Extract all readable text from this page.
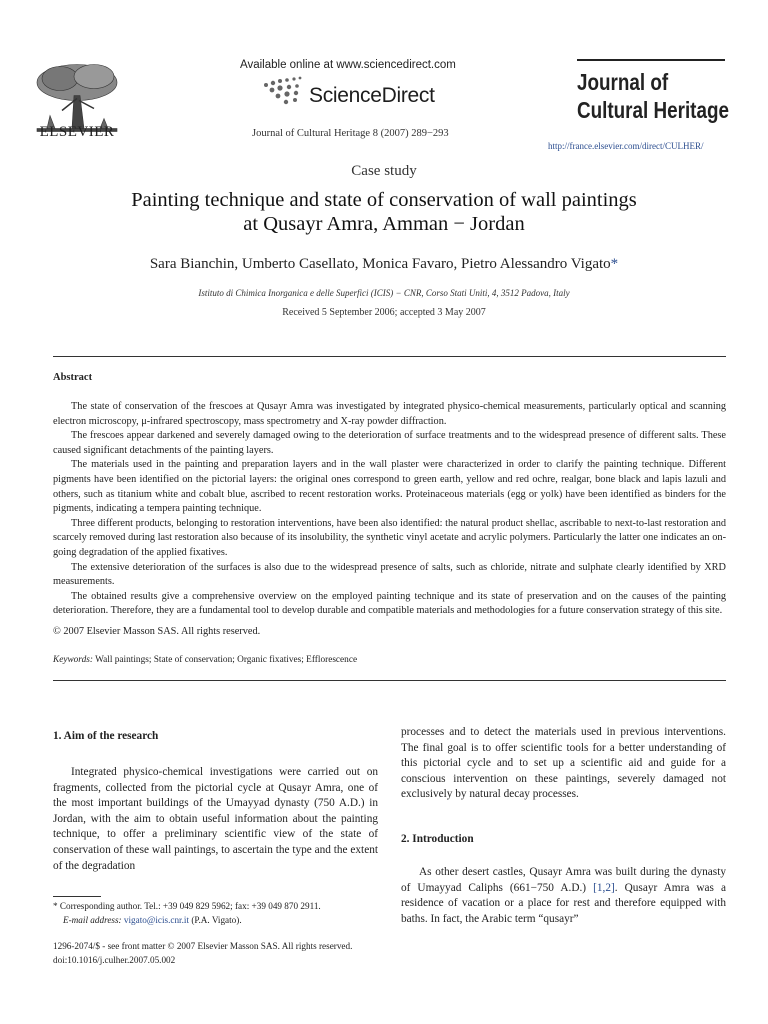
ELSEVIER
Available online at www.sciencedirect.com
ScienceDirect
Journal of Cultural Heritage 8 (2007) 289−293
Journal of
Cultural Heritage
http://france.elsevier.com/direct/CULHER/
Case study
Painting technique and state of conservation of wall paintings
at Qusayr Amra, Amman − Jordan
Sara Bianchin, Umberto Casellato, Monica Favaro, Pietro Alessandro Vigato*
Istituto di Chimica Inorganica e delle Superfici (ICIS) − CNR, Corso Stati Uniti, 4, 3512 Padova, Italy
Received 5 September 2006; accepted 3 May 2007
Abstract

The state of conservation of the frescoes at Qusayr Amra was investigated by integrated physico-chemical measurements, particularly optical and scanning electron microscopy, μ-infrared spectroscopy, mass spectrometry and X-ray powder diffraction.

The frescoes appear darkened and severely damaged owing to the deterioration of surface treatments and to the widespread presence of different salts. These caused significant detachments of the painting layers.

The materials used in the painting and preparation layers and in the wall plaster were characterized in order to clarify the painting technique. Different pigments have been identified on the pictorial layers: the original ones correspond to green earth, yellow and red ochre, realgar, bone black and lapis lazuli and others, such as titanium white and cobalt blue, ascribed to recent restoration works. Proteinaceous materials (egg or yolk) have been identified as binders for the pigments, indicating a tempera painting technique.

Three different products, belonging to restoration interventions, have been also identified: the natural product shellac, ascribable to next-to-last restoration and scarcely removed during last restoration also because of its insolubility, the synthetic vinyl acetate and acrylic polymers. Particularly the latter one indicates an on-going degradation of the applied fixatives.

The extensive deterioration of the surfaces is also due to the widespread presence of salts, such as chloride, nitrate and sulphate clearly identified by XRD measurements.

The obtained results give a comprehensive overview on the employed painting technique and its state of preservation and on the causes of the painting deterioration. Therefore, they are a fundamental tool to develop durable and compatible materials and methodologies for a future conservation strategy of this site.

© 2007 Elsevier Masson SAS. All rights reserved.
Keywords: Wall paintings; State of conservation; Organic fixatives; Efflorescence
1. Aim of the research

Integrated physico-chemical investigations were carried out on fragments, collected from the pictorial cycle at Qusayr Amra, one of the most important buildings of the Umayyad dynasty (750 A.D.) in Jordan, with the aim to obtain useful information about the painting technique, to offer a preliminary scientific view of the state of conservation of these wall paintings, to ascertain the type and the extent of the degradation

processes and to detect the materials used in previous interventions. The final goal is to offer scientific tools for a better understanding of this pictorial cycle and to set up a scientific aid and guide for a conscious intervention on these paintings, severely damaged not exclusively by natural decay processes.

2. Introduction

As other desert castles, Qusayr Amra was built during the dynasty of Umayyad Caliphs (661−750 A.D.) [1,2]. Qusayr Amra was a residence of vacation or a place for rest and therefore equipped with baths. In fact, the Arabic term “qusayr”

* Corresponding author. Tel.: +39 049 829 5962; fax: +39 049 870 2911.
E-mail address: vigato@icis.cnr.it (P.A. Vigato).
1296-2074/$ - see front matter © 2007 Elsevier Masson SAS. All rights reserved.
doi:10.1016/j.culher.2007.05.002
